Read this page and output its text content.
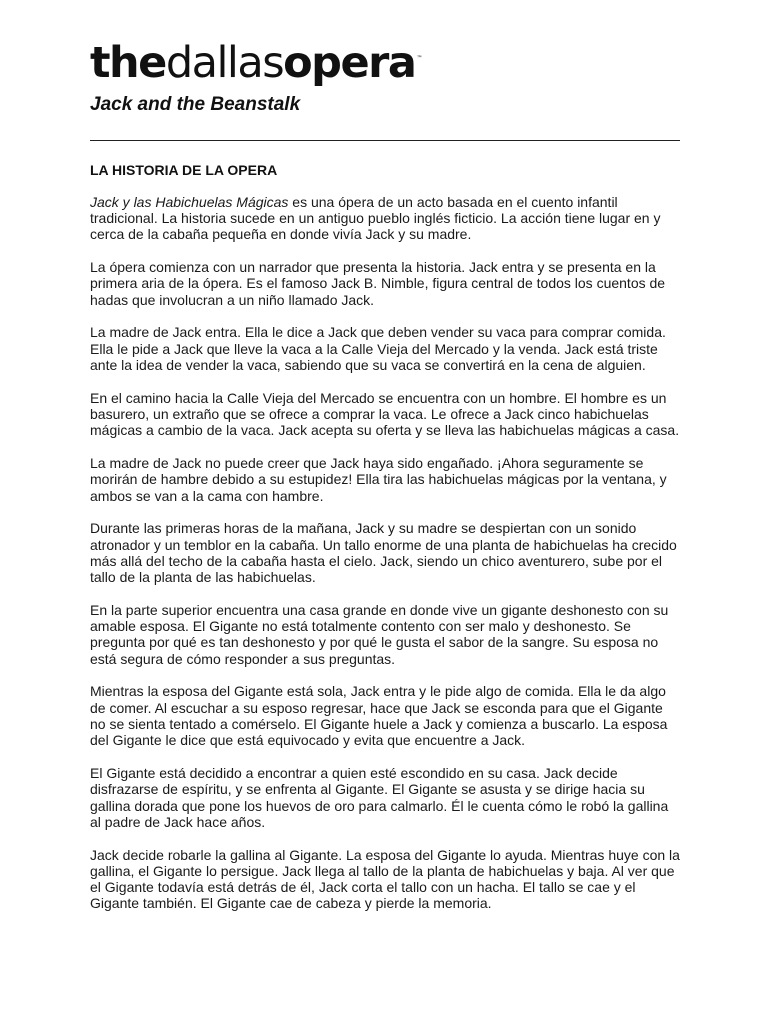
thedallasopera™
Jack and the Beanstalk
LA HISTORIA DE LA OPERA

Jack y las Habichuelas Mágicas es una ópera de un acto basada en el cuento infantil tradicional. La historia sucede en un antiguo pueblo inglés ficticio. La acción tiene lugar en y cerca de la cabaña pequeña en donde vivía Jack y su madre.

La ópera comienza con un narrador que presenta la historia. Jack entra y se presenta en la primera aria de la ópera. Es el famoso Jack B. Nimble, figura central de todos los cuentos de hadas que involucran a un niño llamado Jack.

La madre de Jack entra. Ella le dice a Jack que deben vender su vaca para comprar comida. Ella le pide a Jack que lleve la vaca a la Calle Vieja del Mercado y la venda. Jack está triste ante la idea de vender la vaca, sabiendo que su vaca se convertirá en la cena de alguien.

En el camino hacia la Calle Vieja del Mercado se encuentra con un hombre. El hombre es un basurero, un extraño que se ofrece a comprar la vaca. Le ofrece a Jack cinco habichuelas mágicas a cambio de la vaca. Jack acepta su oferta y se lleva las habichuelas mágicas a casa.

La madre de Jack no puede creer que Jack haya sido engañado. ¡Ahora seguramente se morirán de hambre debido a su estupidez! Ella tira las habichuelas mágicas por la ventana, y ambos se van a la cama con hambre.

Durante las primeras horas de la mañana, Jack y su madre se despiertan con un sonido atronador y un temblor en la cabaña. Un tallo enorme de una planta de habichuelas ha crecido más allá del techo de la cabaña hasta el cielo. Jack, siendo un chico aventurero, sube por el tallo de la planta de las habichuelas.

En la parte superior encuentra una casa grande en donde vive un gigante deshonesto con su amable esposa. El Gigante no está totalmente contento con ser malo y deshonesto. Se pregunta por qué es tan deshonesto y por qué le gusta el sabor de la sangre. Su esposa no está segura de cómo responder a sus preguntas.

Mientras la esposa del Gigante está sola, Jack entra y le pide algo de comida. Ella le da algo de comer. Al escuchar a su esposo regresar, hace que Jack se esconda para que el Gigante no se sienta tentado a comérselo. El Gigante huele a Jack y comienza a buscarlo. La esposa del Gigante le dice que está equivocado y evita que encuentre a Jack.

El Gigante está decidido a encontrar a quien esté escondido en su casa. Jack decide disfrazarse de espíritu, y se enfrenta al Gigante. El Gigante se asusta y se dirige hacia su gallina dorada que pone los huevos de oro para calmarlo. Él le cuenta cómo le robó la gallina al padre de Jack hace años.

Jack decide robarle la gallina al Gigante. La esposa del Gigante lo ayuda. Mientras huye con la gallina, el Gigante lo persigue. Jack llega al tallo de la planta de habichuelas y baja. Al ver que el Gigante todavía está detrás de él, Jack corta el tallo con un hacha. El tallo se cae y el Gigante también. El Gigante cae de cabeza y pierde la memoria.
